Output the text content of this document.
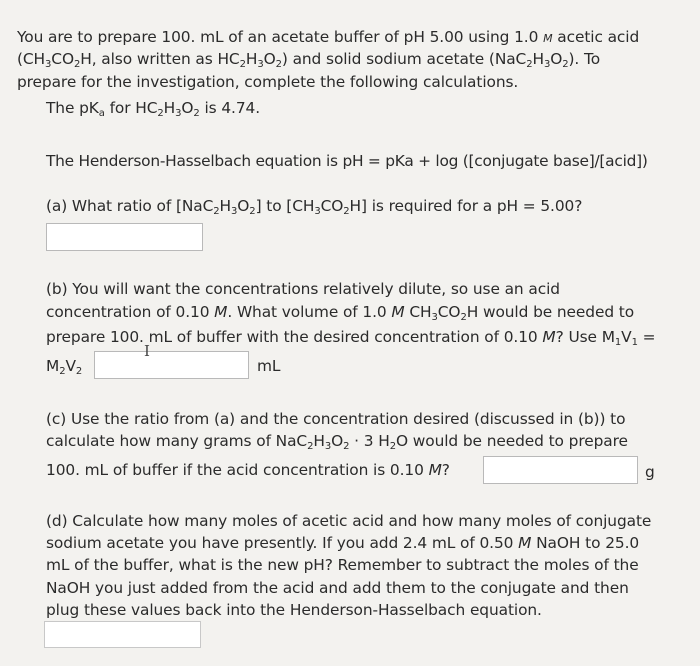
You are to prepare 100. mL of an acetate buffer of pH 5.00 using 1.0 M acetic acid
($CH_3CO_2H$, also written as $HC_2H_3O_2$) and solid sodium acetate $(NaC_2H_3O_2)$. To
prepare for the investigation, complete the following calculations.
The $pK_a$ for $HC_2H_3O_2$ is 4.74.
The Henderson-Hasselbach equation is pH = pKa + log ([conjugate base]/[acid])
(a) What ratio of $[NaC_2H_3O_2]$ to $[CH_3CO_2H]$ is required for a pH = 5.00?
(b) You will want the concentrations relatively dilute, so use an acid
concentration of 0.10 M. What volume of 1.0 M $CH_3CO_2H$ would be needed to
prepare 100. mL of buffer with the desired concentration of 0.10 M? Use $M_1V_1$ =
$M_2V_2$
I
mL
(c) Use the ratio from (a) and the concentration desired (discussed in (b)) to
calculate how many grams of $NaC_2H_3O_2 \cdot 3$ $H_2O$ would be needed to prepare
100. mL of buffer if the acid concentration is 0.10 M?	g
(d) Calculate how many moles of acetic acid and how many moles of conjugate
sodium acetate you have presently. If you add 2.4 mL of 0.50 M NaOH to 25.0
mL of the buffer, what is the new pH? Remember to subtract the moles of the
NaOH you just added from the acid and add them to the conjugate and then
plug these values back into the Henderson-Hasselbach equation.
